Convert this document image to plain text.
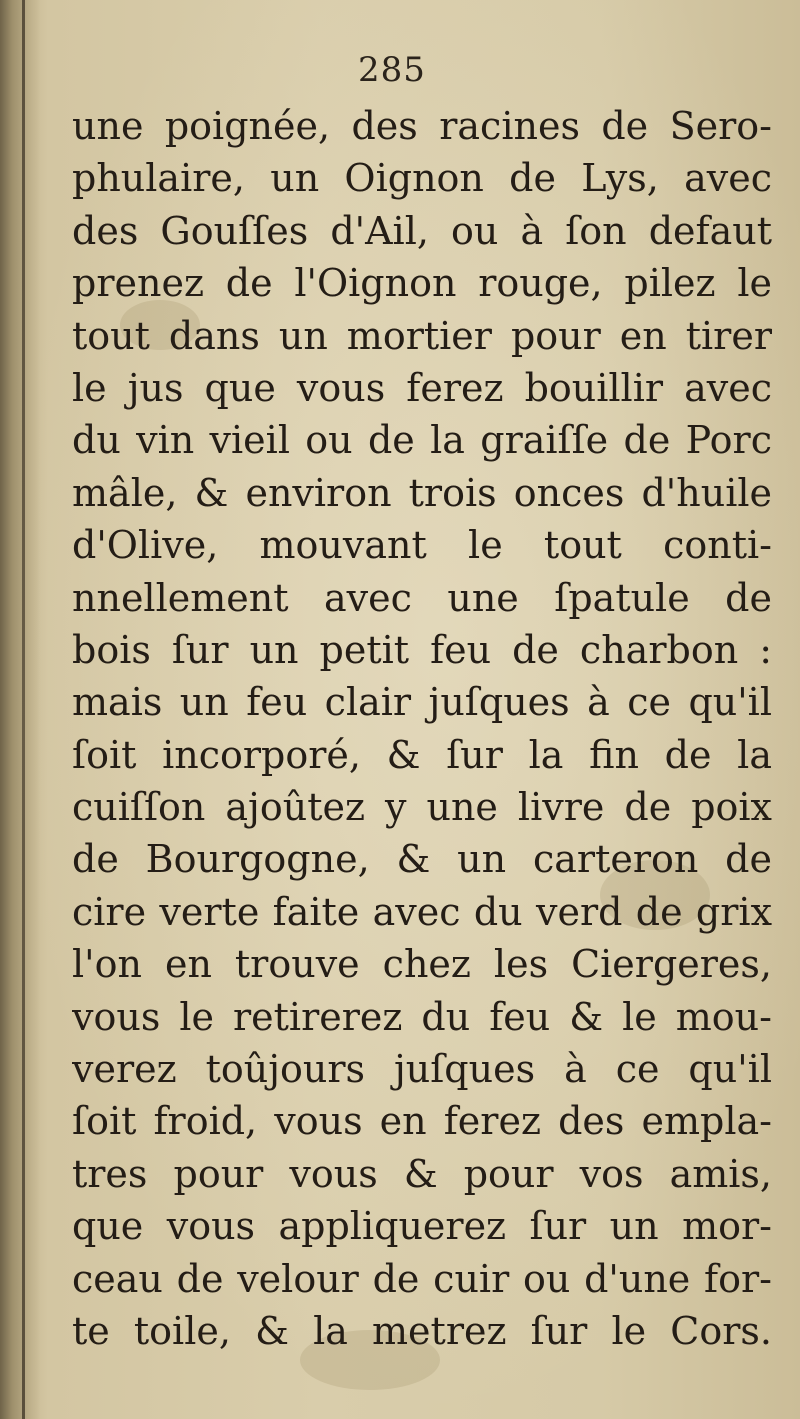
285
une poignée, des racines de Sero-
phulaire, un Oignon de Lys, avec
des Gouſſes d'Ail, ou à ſon defaut
prenez de l'Oignon rouge, pilez le
tout dans un mortier pour en tirer
le jus que vous ferez bouillir avec
du vin vieil ou de la graiſſe de Porc
mâle, & environ trois onces d'huile
d'Olive, mouvant le tout conti-
nnellement avec une ſpatule de
bois ſur un petit feu de charbon :
mais un feu clair juſques à ce qu'il
ſoit incorporé, & ſur la fin de la
cuiſſon ajoûtez y une livre de poix
de Bourgogne, & un carteron de
cire verte faite avec du verd de grix
l'on en trouve chez les Ciergeres,
vous le retirerez du feu & le mou-
verez toûjours juſques à ce qu'il
ſoit froid, vous en ferez des empla-
tres pour vous & pour vos amis,
que vous appliquerez ſur un mor-
ceau de velour de cuir ou d'une for-
te toile, & la metrez ſur le Cors.
